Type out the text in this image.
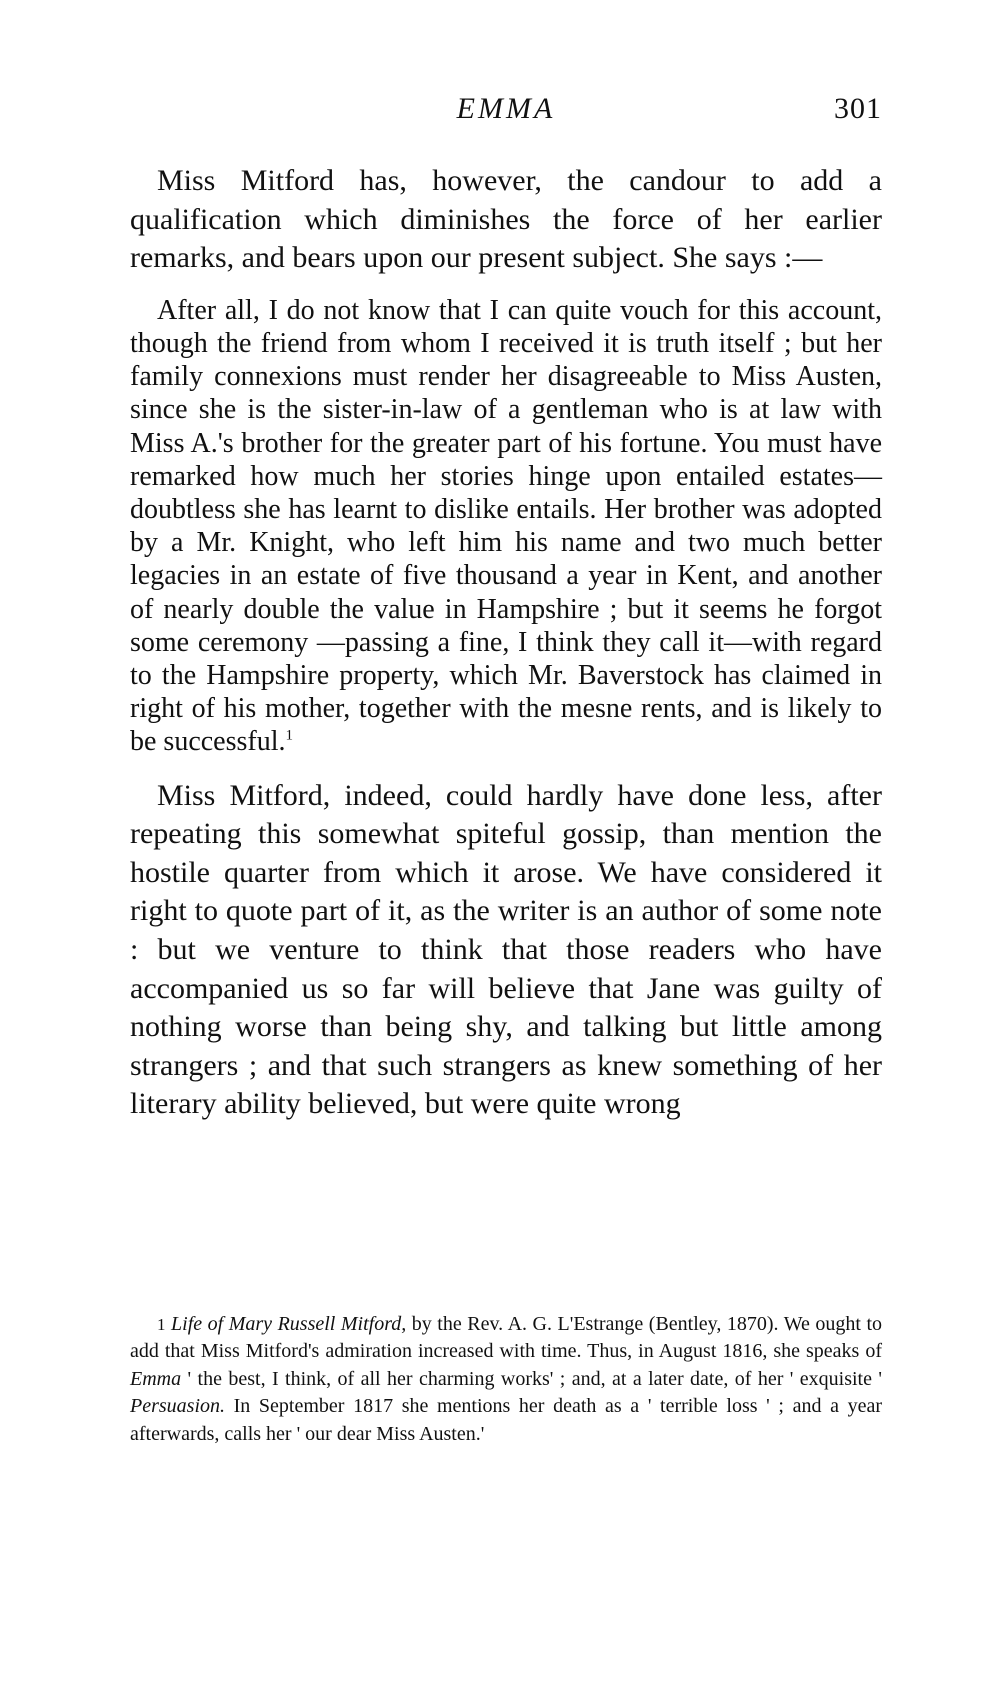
EMMA	301

Miss Mitford has, however, the candour to add a qualification which diminishes the force of her earlier remarks, and bears upon our present subject. She says :—

After all, I do not know that I can quite vouch for this account, though the friend from whom I received it is truth itself ; but her family connexions must render her disagreeable to Miss Austen, since she is the sister-in-law of a gentleman who is at law with Miss A.'s brother for the greater part of his fortune. You must have remarked how much her stories hinge upon entailed estates—doubtless she has learnt to dislike entails. Her brother was adopted by a Mr. Knight, who left him his name and two much better legacies in an estate of five thousand a year in Kent, and another of nearly double the value in Hampshire ; but it seems he forgot some ceremony —passing a fine, I think they call it—with regard to the Hampshire property, which Mr. Baverstock has claimed in right of his mother, together with the mesne rents, and is likely to be successful.$^1$

Miss Mitford, indeed, could hardly have done less, after repeating this somewhat spiteful gossip, than mention the hostile quarter from which it arose. We have considered it right to quote part of it, as the writer is an author of some note : but we venture to think that those readers who have accompanied us so far will believe that Jane was guilty of nothing worse than being shy, and talking but little among strangers ; and that such strangers as knew something of her literary ability believed, but were quite wrong

1 Life of Mary Russell Mitford, by the Rev. A. G. L'Estrange (Bentley, 1870). We ought to add that Miss Mitford's admiration increased with time. Thus, in August 1816, she speaks of Emma ' the best, I think, of all her charming works' ; and, at a later date, of her ' exquisite ' Persuasion. In September 1817 she mentions her death as a ' terrible loss ' ; and a year afterwards, calls her ' our dear Miss Austen.'
